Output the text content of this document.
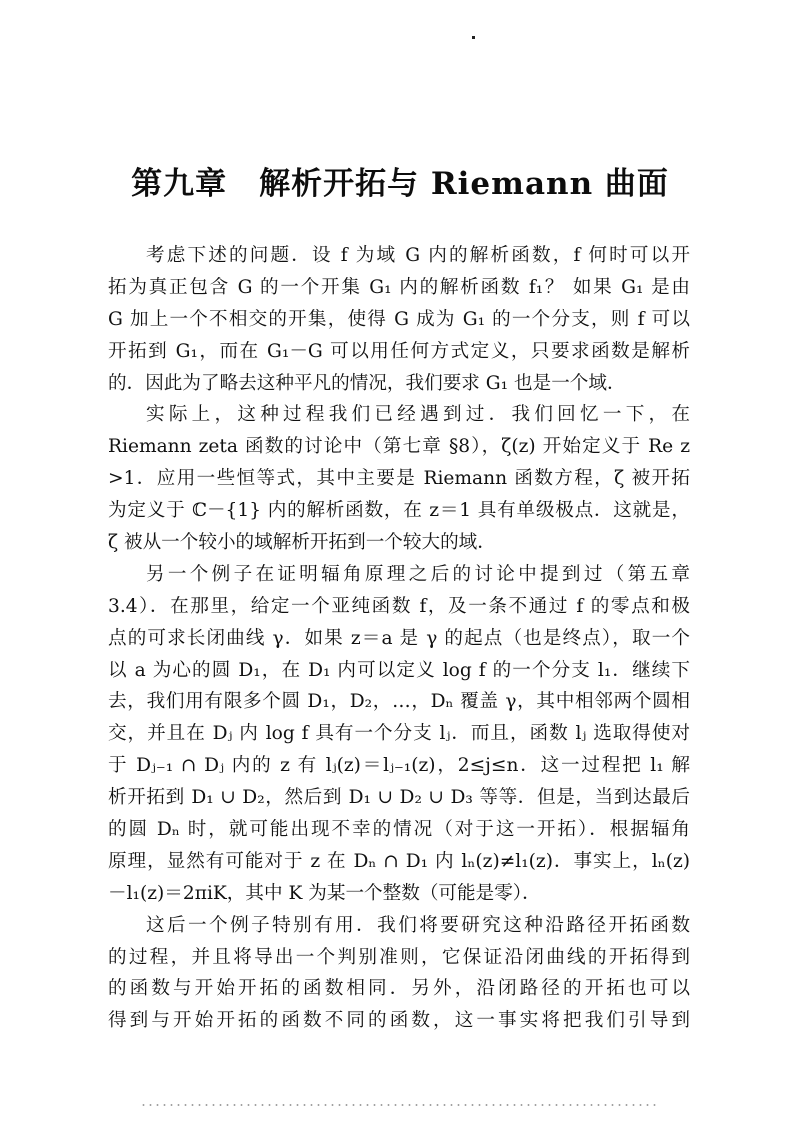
第九章　解析开拓与 Riemann 曲面
考虑下述的问题．设 f 为域 G 内的解析函数，f 何时可以开
拓为真正包含 G 的一个开集 G₁ 内的解析函数 f₁？ 如果 G₁ 是由
G 加上一个不相交的开集，使得 G 成为 G₁ 的一个分支，则 f 可以
开拓到 G₁，而在 G₁－G 可以用任何方式定义，只要求函数是解析
的．因此为了略去这种平凡的情况，我们要求 G₁ 也是一个域．
实际上，这种过程我们已经遇到过．我们回忆一下，在
Riemann zeta 函数的讨论中（第七章 §8），ζ(z) 开始定义于 Re z
>1．应用一些恒等式，其中主要是 Riemann 函数方程，ζ 被开拓
为定义于 ℂ－{1} 内的解析函数，在 z＝1 具有单级极点．这就是，
ζ 被从一个较小的域解析开拓到一个较大的域．
另一个例子在证明辐角原理之后的讨论中提到过（第五章
3.4）．在那里，给定一个亚纯函数 f，及一条不通过 f 的零点和极
点的可求长闭曲线 γ．如果 z＝a 是 γ 的起点（也是终点），取一个
以 a 为心的圆 D₁，在 D₁ 内可以定义 log f 的一个分支 l₁．继续下
去，我们用有限多个圆 D₁，D₂，…，Dₙ 覆盖 γ，其中相邻两个圆相
交，并且在 Dⱼ 内 log f 具有一个分支 lⱼ．而且，函数 lⱼ 选取得使对
于 Dⱼ₋₁ ∩ Dⱼ 内的 z 有 lⱼ(z)＝lⱼ₋₁(z)，2≤j≤n．这一过程把 l₁ 解
析开拓到 D₁ ∪ D₂，然后到 D₁ ∪ D₂ ∪ D₃ 等等．但是，当到达最后
的圆 Dₙ 时，就可能出现不幸的情况（对于这一开拓）．根据辐角
原理，显然有可能对于 z 在 Dₙ ∩ D₁ 内 lₙ(z)≠l₁(z)．事实上，lₙ(z)
－l₁(z)＝2πiK，其中 K 为某一个整数（可能是零）．
这后一个例子特别有用．我们将要研究这种沿路径开拓函数
的过程，并且将导出一个判别准则，它保证沿闭曲线的开拓得到
的函数与开始开拓的函数相同．另外，沿闭路径的开拓也可以
得到与开始开拓的函数不同的函数，这一事实将把我们引导到
